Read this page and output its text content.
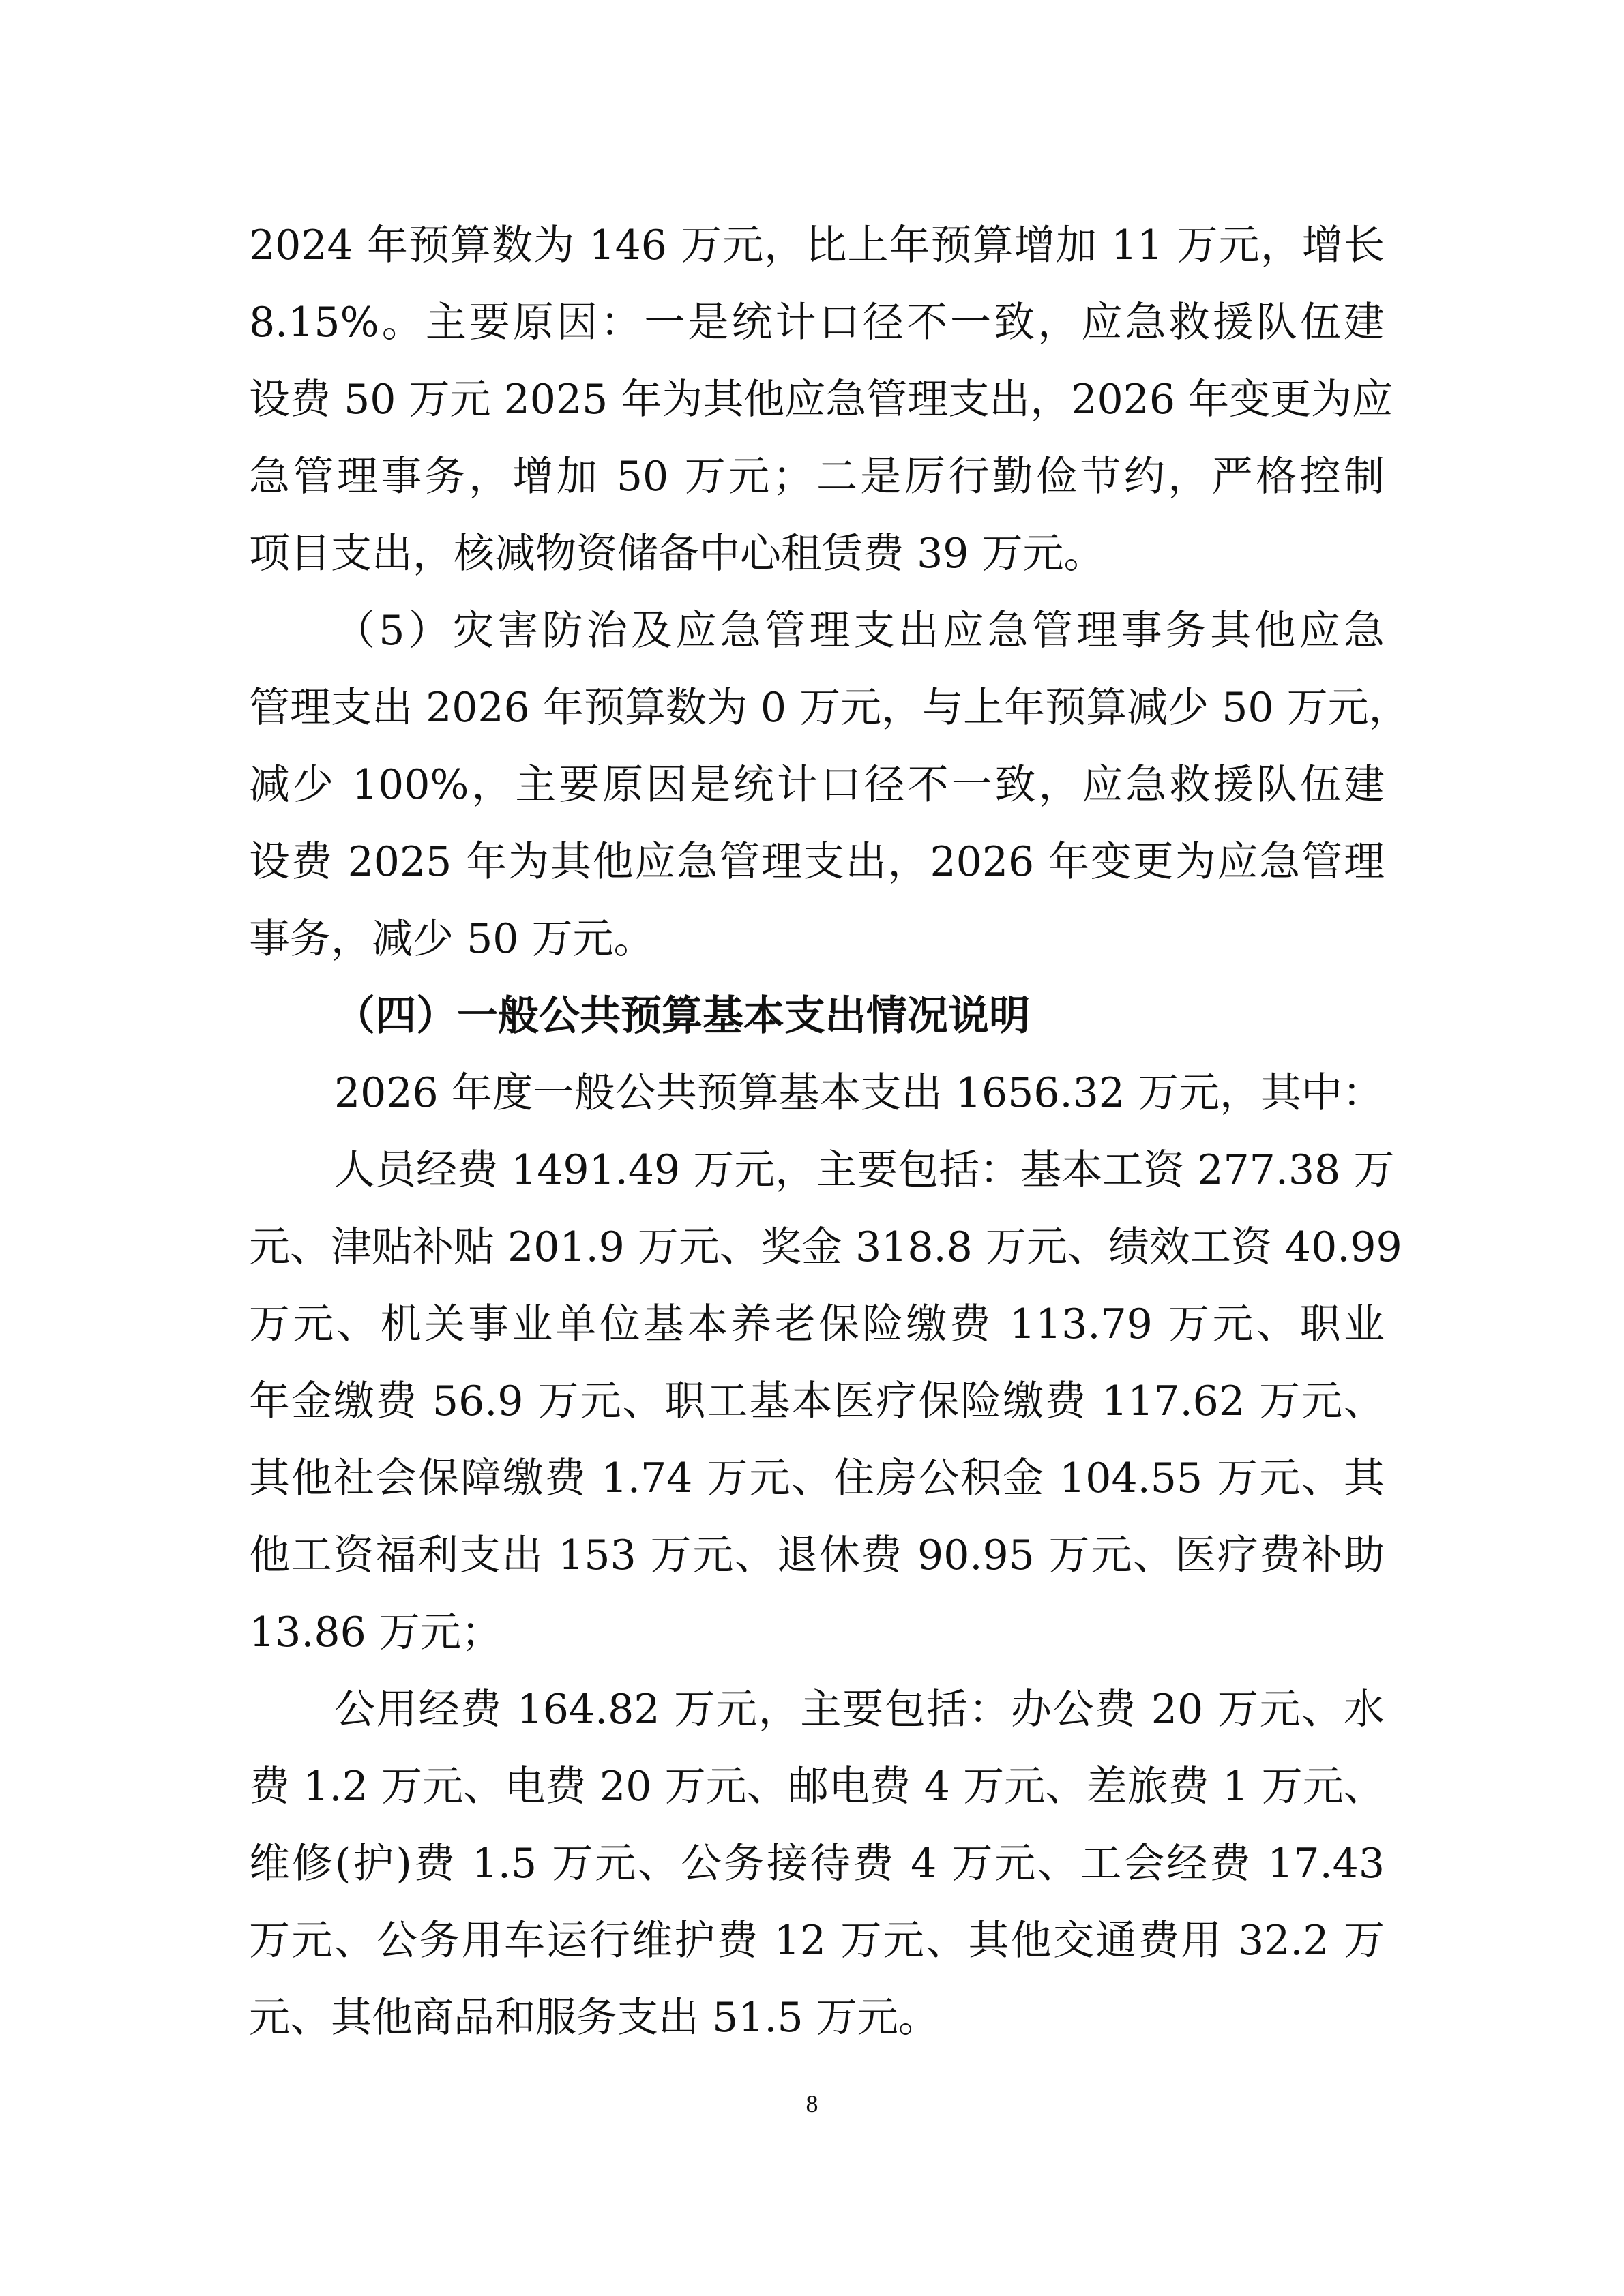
2024 年预算数为 146 万元，比上年预算增加 11 万元，增长
8.15%。主要原因：一是统计口径不一致，应急救援队伍建
设费 50 万元 2025 年为其他应急管理支出，2026 年变更为应
急管理事务，增加 50 万元；二是厉行勤俭节约，严格控制
项目支出，核减物资储备中心租赁费 39 万元。
（5）灾害防治及应急管理支出应急管理事务其他应急
管理支出 2026 年预算数为 0 万元，与上年预算减少 50 万元，
减少 100%，主要原因是统计口径不一致，应急救援队伍建
设费 2025 年为其他应急管理支出，2026 年变更为应急管理
事务，减少 50 万元。
（四）一般公共预算基本支出情况说明
2026 年度一般公共预算基本支出 1656.32 万元，其中：
人员经费 1491.49 万元，主要包括：基本工资 277.38 万
元、津贴补贴 201.9 万元、奖金 318.8 万元、绩效工资 40.99
万元、机关事业单位基本养老保险缴费 113.79 万元、职业
年金缴费 56.9 万元、职工基本医疗保险缴费 117.62 万元、
其他社会保障缴费 1.74 万元、住房公积金 104.55 万元、其
他工资福利支出 153 万元、退休费 90.95 万元、医疗费补助
13.86 万元；
公用经费 164.82 万元，主要包括：办公费 20 万元、水
费 1.2 万元、电费 20 万元、邮电费 4 万元、差旅费 1 万元、
维修(护)费 1.5 万元、公务接待费 4 万元、工会经费 17.43
万元、公务用车运行维护费 12 万元、其他交通费用 32.2 万
元、其他商品和服务支出 51.5 万元。
8
